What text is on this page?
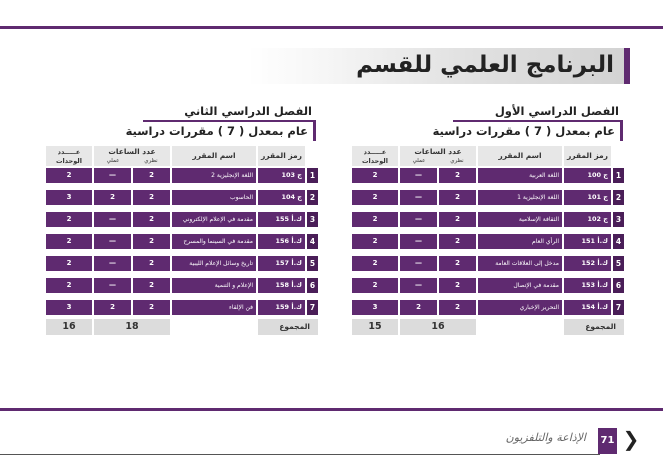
البرنامج العلمي للقسم
الفصل الدراسي الأول
عام بمعدل ( 7 ) مقررات دراسية
الفصل الدراسي الثاني
عام بمعدل ( 7 ) مقررات دراسية
رمز المقرر
اسم المقرر
عدد الساعات
عملي	نظري
عـــــدد الوحدات
1
ج 100
اللغة العربية
2
—
2
2
ج 101
اللغة الإنجليزية 1
2
—
2
3
ج 102
الثقافة الإسلامية
2
—
2
4
ك.أ 151
الرأي العام
2
—
2
5
ك.أ 152
مدخل إلى العلاقات العامة
2
—
2
6
ك.أ 153
مقدمة في الإتصال
2
—
2
7
ك.أ 154
التحرير الإخباري
2
2
3
المجموع
16
15
رمز المقرر
اسم المقرر
عدد الساعات
عملي	نظري
عـــــدد الوحدات
1
ج 103
اللغة الإنجليزية 2
2
—
2
2
ج 104
الحاسوب
2
2
3
3
ك.أ 155
مقدمة في الإعلام الإلكتروني
2
—
2
4
ك.أ 156
مقدمة في السينما والمسرح
2
—
2
5
ك.أ 157
تاريخ وسائل الإعلام الليبية
2
—
2
6
ك.أ 158
الإعلام و التنمية
2
—
2
7
ك.أ 159
فن الإلقاء
2
2
3
المجموع
18
16
الإذاعة والتلفزيون 71 ❯
